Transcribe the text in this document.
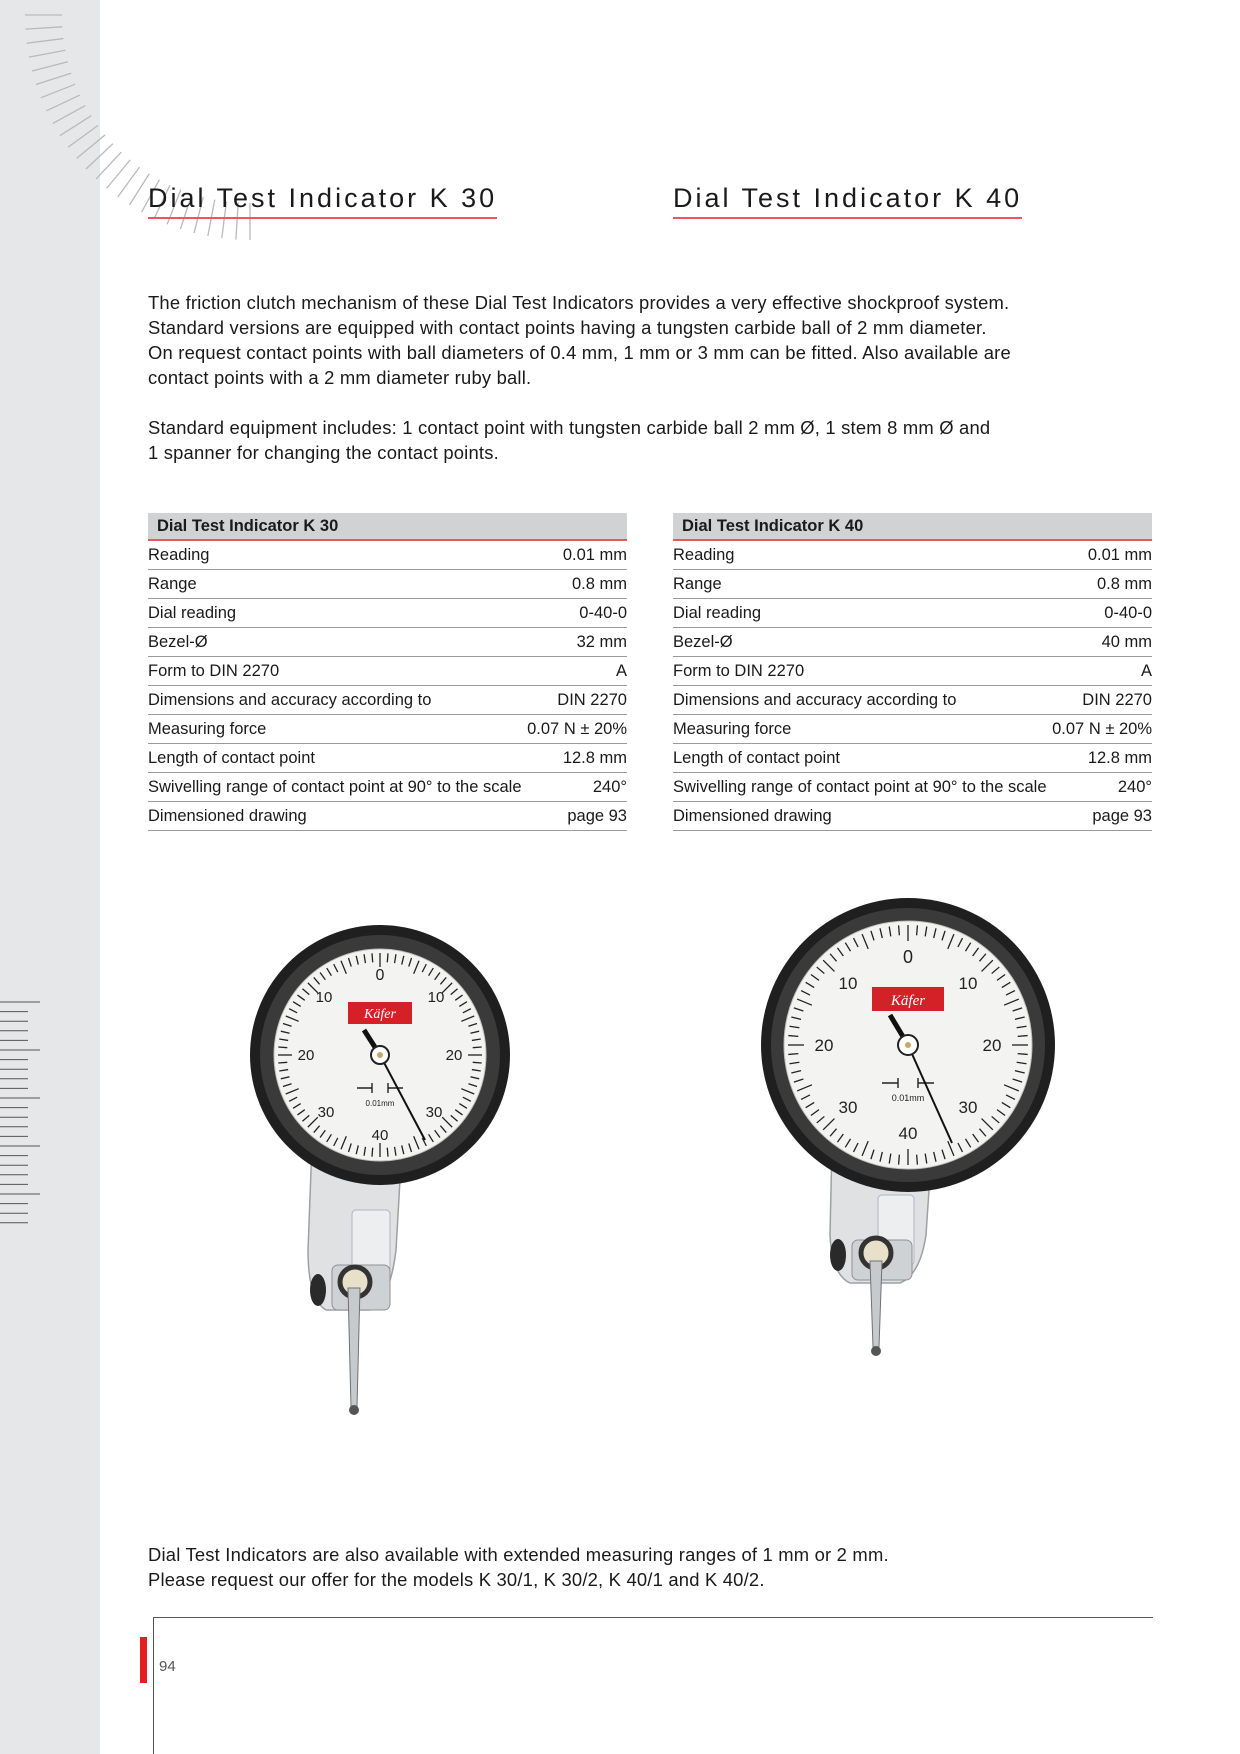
Dial Test Indicator K 30	Dial Test Indicator K 40

The friction clutch mechanism of these Dial Test Indicators provides a very effective shockproof system.
Standard versions are equipped with contact points having a tungsten carbide ball of 2 mm diameter.
On request contact points with ball diameters of 0.4 mm, 1 mm or 3 mm can be fitted. Also available are
contact points with a 2 mm diameter ruby ball.

Standard equipment includes: 1 contact point with tungsten carbide ball 2 mm Ø, 1 stem 8 mm Ø and
1 spanner for changing the contact points.

Dial Test Indicator K 30	
Reading	0.01 mm
Range	0.8 mm
Dial reading	0-40-0
Bezel-Ø	32 mm
Form to DIN 2270	A
Dimensions and accuracy according to	DIN 2270
Measuring force	0.07 N ± 20%
Length of contact point	12.8 mm
Swivelling range of contact point at 90° to the scale	240°
Dimensioned drawing	page 93
Dial Test Indicator K 40	
Reading	0.01 mm
Range	0.8 mm
Dial reading	0-40-0
Bezel-Ø	40 mm
Form to DIN 2270	A
Dimensions and accuracy according to	DIN 2270
Measuring force	0.07 N ± 20%
Length of contact point	12.8 mm
Swivelling range of contact point at 90° to the scale	240°
Dimensioned drawing	page 93
0
10	10
20	20
30	30
40
0.01mm
Käfer
0
10	10
20	20
30	30
40
0.01mm
Käfer

Dial Test Indicators are also available with extended measuring ranges of 1 mm or 2 mm.
Please request our offer for the models K 30/1, K 30/2, K 40/1 and K 40/2.

94
